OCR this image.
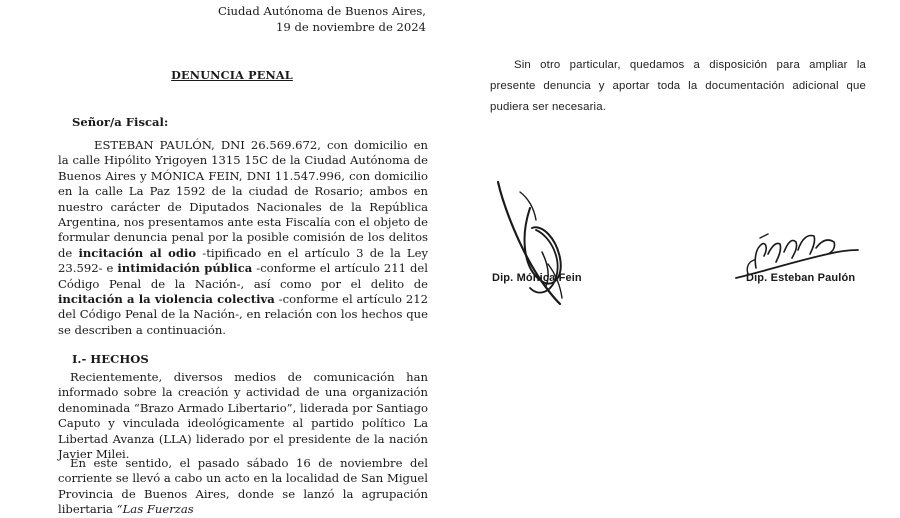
Ciudad Autónoma de Buenos Aires,
19 de noviembre de 2024
DENUNCIA PENAL
Señor/a Fiscal:

ESTEBAN PAULÓN, DNI 26.569.672, con domicilio en la calle Hipólito Yrigoyen 1315 15C de la Ciudad Autónoma de Buenos Aires y MÓNICA FEIN, DNI 11.547.996, con domicilio en la calle La Paz 1592 de la ciudad de Rosario; ambos en nuestro carácter de Diputados Nacionales de la República Argentina, nos presentamos ante esta Fiscalía con el objeto de formular denuncia penal por la posible comisión de los delitos de incitación al odio -tipificado en el artículo 3 de la Ley 23.592- e intimidación pública -conforme el artículo 211 del Código Penal de la Nación-, así como por el delito de incitación a la violencia colectiva -conforme el artículo 212 del Código Penal de la Nación-, en relación con los hechos que se describen a continuación.

I.- HECHOS

Recientemente, diversos medios de comunicación han informado sobre la creación y actividad de una organización denominada “Brazo Armado Libertario”, liderada por Santiago Caputo y vinculada ideológicamente al partido político La Libertad Avanza (LLA) liderado por el presidente de la nación Javier Milei.

En este sentido, el pasado sábado 16 de noviembre del corriente se llevó a cabo un acto en la localidad de San Miguel Provincia de Buenos Aires, donde se lanzó la agrupación libertaria “Las Fuerzas

Sin otro particular, quedamos a disposición para ampliar la presente denuncia y aportar toda la documentación adicional que pudiera ser necesaria.

Dip. Mónica Fein	Dip. Esteban Paulón
